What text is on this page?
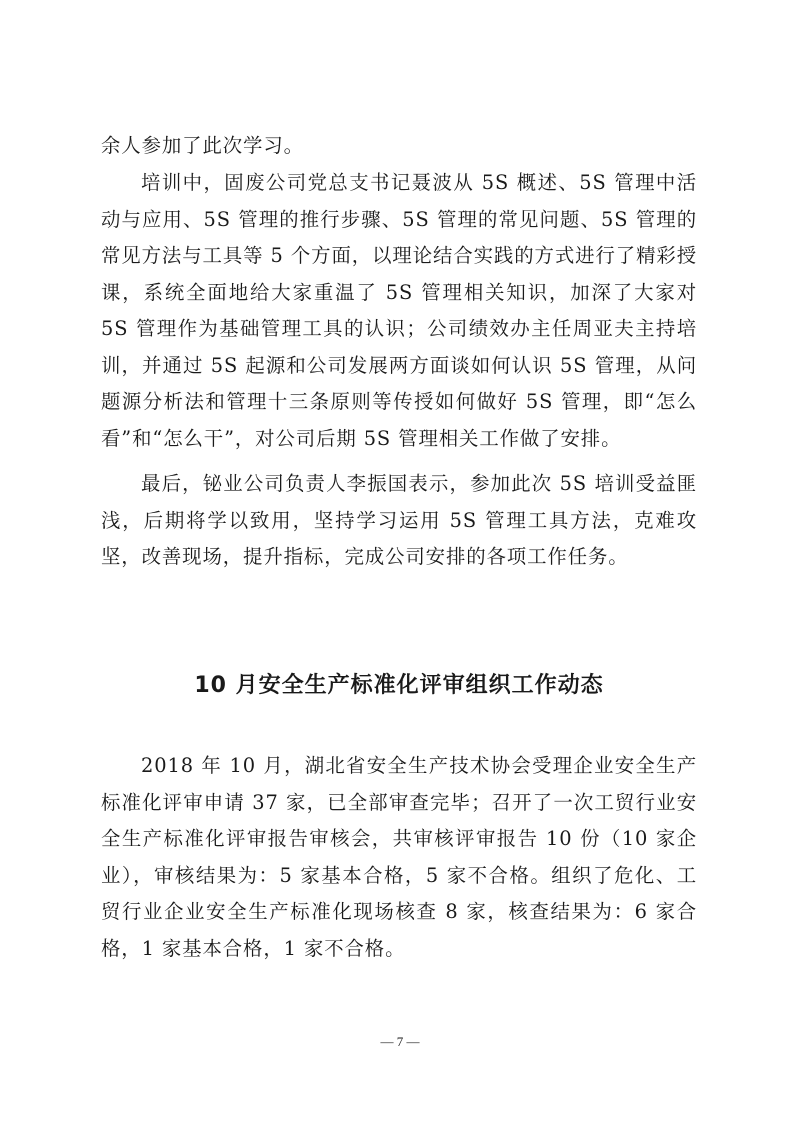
余人参加了此次学习。

培训中，固废公司党总支书记聂波从 5S 概述、5S 管理中活动与应用、5S 管理的推行步骤、5S 管理的常见问题、5S 管理的常见方法与工具等 5 个方面，以理论结合实践的方式进行了精彩授课，系统全面地给大家重温了 5S 管理相关知识，加深了大家对 5S 管理作为基础管理工具的认识；公司绩效办主任周亚夫主持培训，并通过 5S 起源和公司发展两方面谈如何认识 5S 管理，从问题源分析法和管理十三条原则等传授如何做好 5S 管理，即“怎么看”和“怎么干”，对公司后期 5S 管理相关工作做了安排。

最后，铋业公司负责人李振国表示，参加此次 5S 培训受益匪浅，后期将学以致用，坚持学习运用 5S 管理工具方法，克难攻坚，改善现场，提升指标，完成公司安排的各项工作任务。

10 月安全生产标准化评审组织工作动态

2018 年 10 月，湖北省安全生产技术协会受理企业安全生产标准化评审申请 37 家，已全部审查完毕；召开了一次工贸行业安全生产标准化评审报告审核会，共审核评审报告 10 份（10 家企业），审核结果为：5 家基本合格，5 家不合格。组织了危化、工贸行业企业安全生产标准化现场核查 8 家，核查结果为：6 家合格，1 家基本合格，1 家不合格。

— 7 —
